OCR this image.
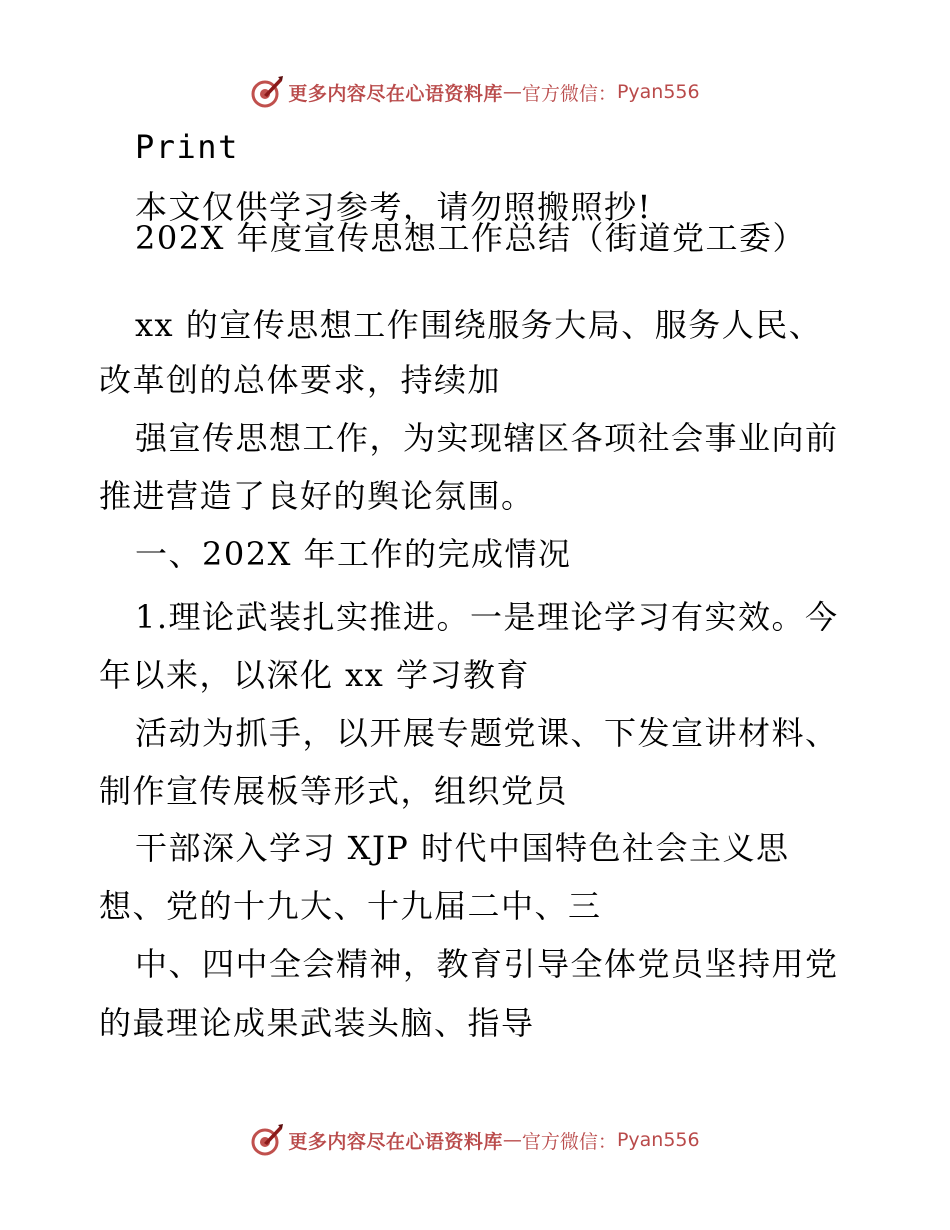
更多内容尽在心语资料库 — 官方微信： Pyan556
Print
本文仅供学习参考，请勿照搬照抄!
202X 年度宣传思想工作总结（街道党工委）
xx 的宣传思想工作围绕服务大局、服务人民、
改革创的总体要求，持续加
强宣传思想工作，为实现辖区各项社会事业向前
推进营造了良好的舆论氛围。
一、202X 年工作的完成情况
1.理论武装扎实推进。一是理论学习有实效。今
年以来，以深化 xx 学习教育
活动为抓手，以开展专题党课、下发宣讲材料、
制作宣传展板等形式，组织党员
干部深入学习 XJP 时代中国特色社会主义思
想、党的十九大、十九届二中、三
中、四中全会精神，教育引导全体党员坚持用党
的最理论成果武装头脑、指导
更多内容尽在心语资料库 — 官方微信： Pyan556
